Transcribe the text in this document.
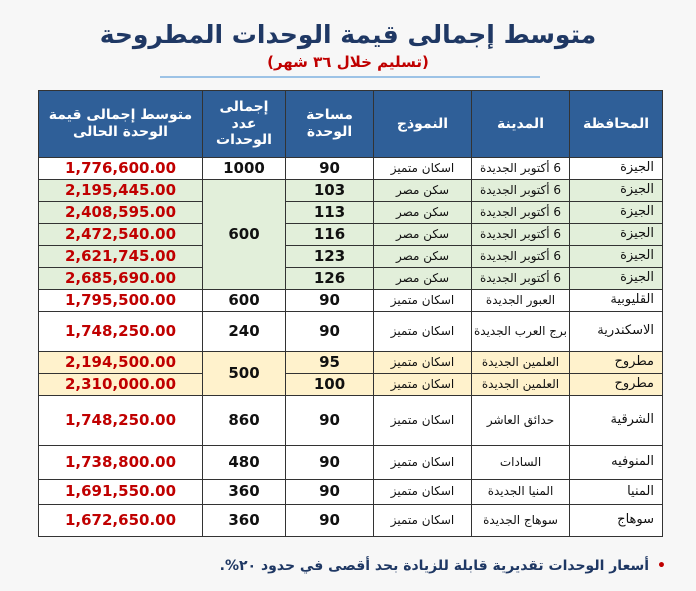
متوسط إجمالى قيمة الوحدات المطروحة
(تسليم خلال ٣٦ شهر)
المحافظة	المدينة	النموذج	مساحة الوحدة	إجمالى عدد الوحدات	متوسط إجمالى قيمة الوحدة الحالى
الجيزة	6 أكتوبر الجديدة	اسكان متميز	90	1000	1,776,600.00
الجيزة	6 أكتوبر الجديدة	سكن مصر	103	600	2,195,445.00
الجيزة	6 أكتوبر الجديدة	سكن مصر	113		2,408,595.00
الجيزة	6 أكتوبر الجديدة	سكن مصر	116		2,472,540.00
الجيزة	6 أكتوبر الجديدة	سكن مصر	123		2,621,745.00
الجيزة	6 أكتوبر الجديدة	سكن مصر	126		2,685,690.00
القليوبية	العبور الجديدة	اسكان متميز	90	600	1,795,500.00
الاسكندرية	برج العرب الجديدة	اسكان متميز	90	240	1,748,250.00
مطروح	العلمين الجديدة	اسكان متميز	95	500	2,194,500.00
مطروح	العلمين الجديدة	اسكان متميز	100		2,310,000.00
الشرقية	حدائق العاشر	اسكان متميز	90	860	1,748,250.00
المنوفيه	السادات	اسكان متميز	90	480	1,738,800.00
المنيا	المنيا الجديدة	اسكان متميز	90	360	1,691,550.00
سوهاج	سوهاج الجديدة	اسكان متميز	90	360	1,672,650.00
•أسعار الوحدات تقديرية قابلة للزيادة بحد أقصى في حدود ٢٠%.
